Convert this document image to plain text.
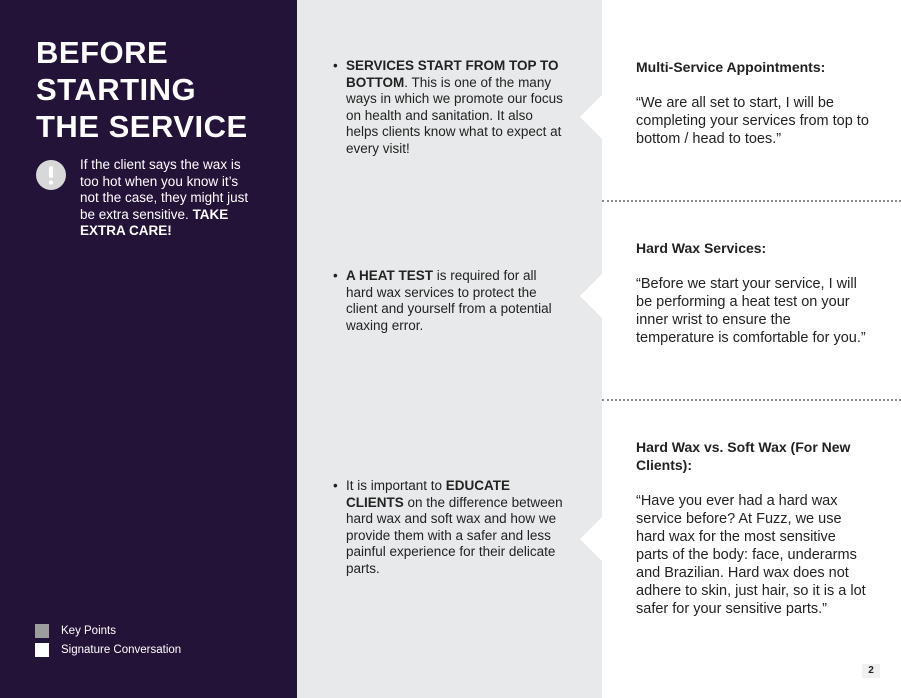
BEFORE
STARTING
THE SERVICE
If the client says the wax is too hot when you know it’s not the case, they might just be extra sensitive. TAKE EXTRA CARE!
Key Points
Signature Conversation
• SERVICES START FROM TOP TO BOTTOM. This is one of the many ways in which we promote our focus on health and sanitation. It also helps clients know what to expect at every visit!
• A HEAT TEST is required for all hard wax services to protect the client and yourself from a potential waxing error.
• It is important to EDUCATE CLIENTS on the difference between hard wax and soft wax and how we provide them with a safer and less painful experience for their delicate parts.
Multi-Service Appointments:
“We are all set to start, I will be completing your services from top to bottom / head to toes.”
Hard Wax Services:
“Before we start your service, I will be performing a heat test on your inner wrist to ensure the temperature is comfortable for you.”
Hard Wax vs. Soft Wax (For New Clients):
“Have you ever had a hard wax service before? At Fuzz, we use hard wax for the most sensitive parts of the body: face, underarms and Brazilian. Hard wax does not adhere to skin, just hair, so it is a lot safer for your sensitive parts.”
2
